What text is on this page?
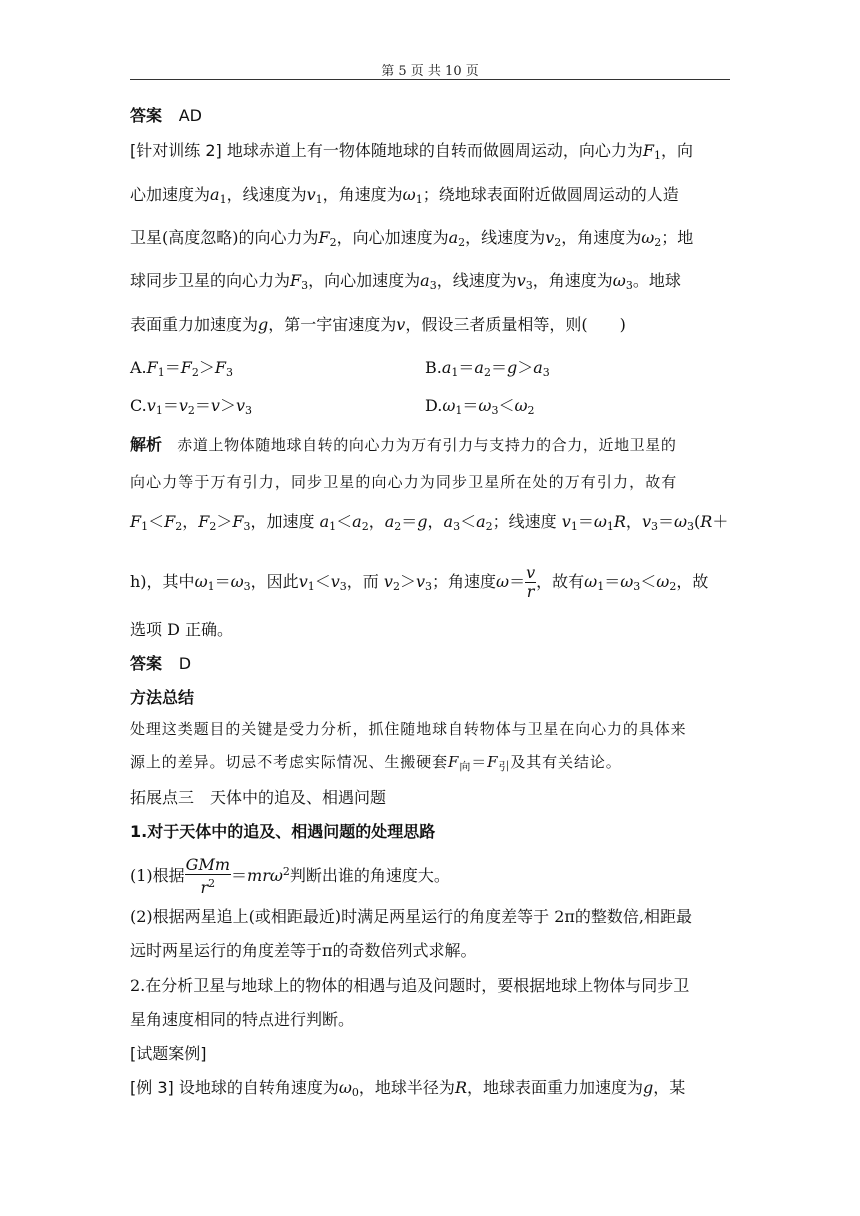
第 5 页 共 10 页
答案 AD
[针对训练 2] 地球赤道上有一物体随地球的自转而做圆周运动，向心力为$F_1$，向
心加速度为$a_1$，线速度为$v_1$，角速度为$\omega_1$；绕地球表面附近做圆周运动的人造
卫星(高度忽略)的向心力为$F_2$，向心加速度为$a_2$，线速度为$v_2$，角速度为$\omega_2$；地
球同步卫星的向心力为$F_3$，向心加速度为$a_3$，线速度为$v_3$，角速度为$\omega_3$。地球
表面重力加速度为g，第一宇宙速度为v，假设三者质量相等，则(　　)
$A.F_1=F_2>F_3$	$B.a_1=a_2=g>a_3$
$C.v_1=v_2=v>v_3$	$D.\omega_1=\omega_3<\omega_2$
解析 赤道上物体随地球自转的向心力为万有引力与支持力的合力，近地卫星的
向心力等于万有引力，同步卫星的向心力为同步卫星所在处的万有引力，故有
$F_1<F_2$，$F_2>F_3$，加速度 $a_1<a_2$，$a_2=g$，$a_3<a_2$；线速度 $v_1=\omega_1R$，$v_3=\omega_3(R+$
h)，其中$\omega_1=\omega_3$，因此$v_1<v_3$，而 $v_2>v_3$；角速度$\omega= \frac{v}{r}$ ，故有$\omega_1=\omega_3<\omega_2$，故
选项 D 正确。
答案 D
方法总结
处理这类题目的关键是受力分析，抓住随地球自转物体与卫星在向心力的具体来
源上的差异。切忌不考虑实际情况、生搬硬套$F_向=F_引$及其有关结论。
拓展点三　天体中的追及、相遇问题
1.对于天体中的追及、相遇问题的处理思路
(1)根据 $\frac{\text{GMm}}{r^2} =mr\omega^2$判断出谁的角速度大。
(2)根据两星追上(或相距最近)时满足两星运行的角度差等于 2π的整数倍,相距最
远时两星运行的角度差等于π的奇数倍列式求解。
2.在分析卫星与地球上的物体的相遇与追及问题时，要根据地球上物体与同步卫
星角速度相同的特点进行判断。
[试题案例]
[例 3] 设地球的自转角速度为$\omega_0$，地球半径为R，地球表面重力加速度为g，某
